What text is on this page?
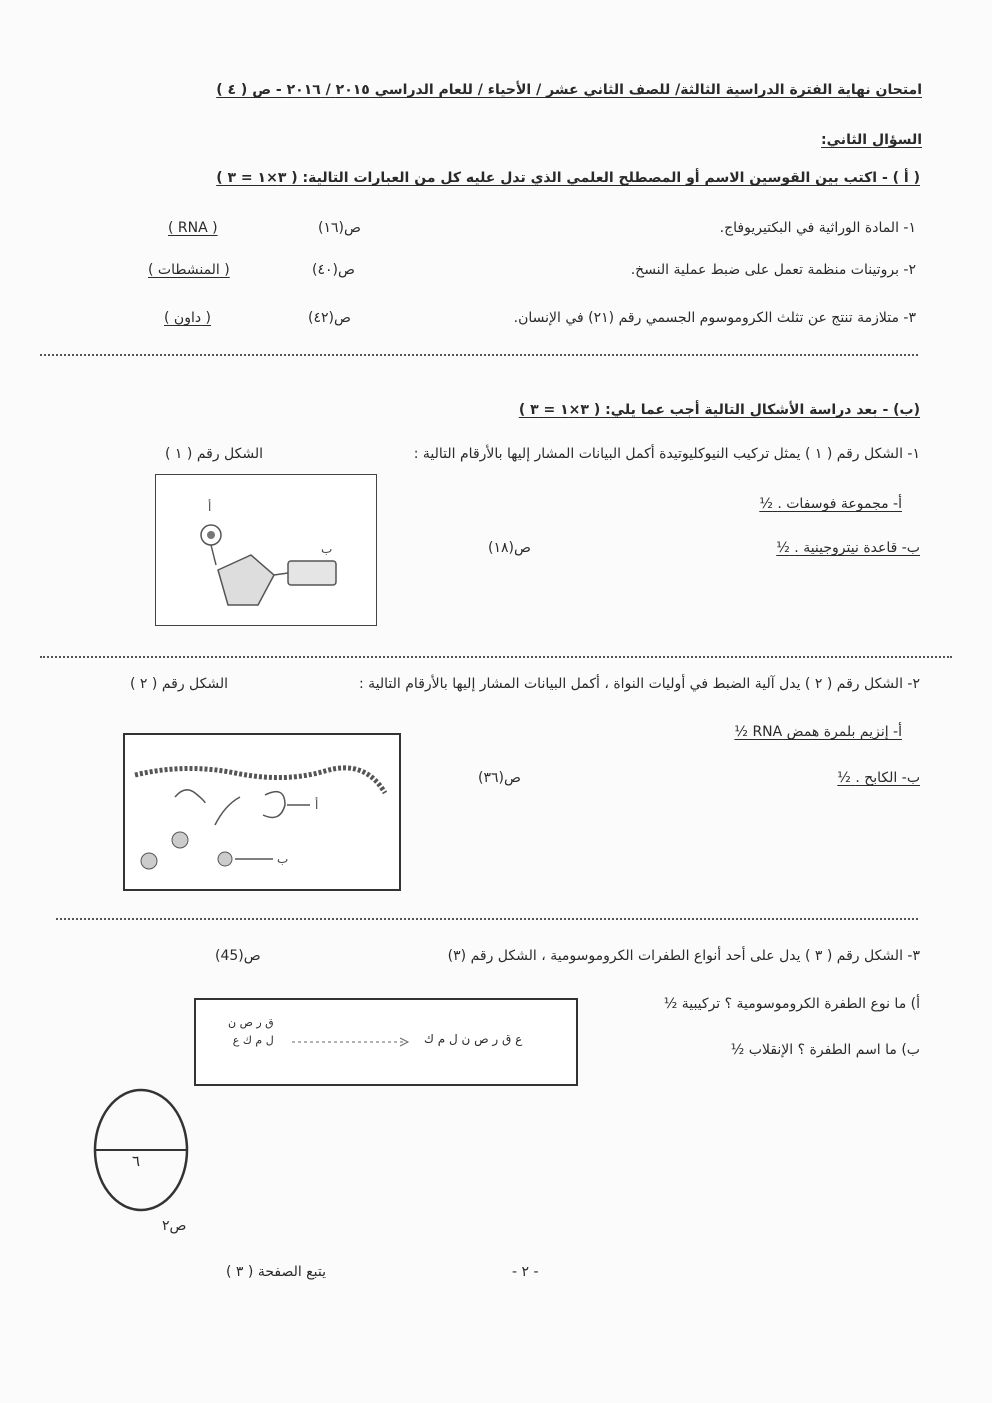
امتحان نهاية الفترة الدراسية الثالثة/ للصف الثاني عشر / الأحياء / للعام الدراسي ٢٠١٥ / ٢٠١٦ - ص ( ٤ )
السؤال الثاني:
( أ ) - اكتب بين القوسين الاسم أو المصطلح العلمي الذي تدل عليه كل من العبارات التالية: ( ٣×١ = ٣ )
١- المادة الوراثية في البكتيريوفاج.
ص(١٦)
( RNA )
٢- بروتينات منظمة تعمل على ضبط عملية النسخ.
ص(٤٠)
( المنشطات )
٣- متلازمة تنتج عن تثلث الكروموسوم الجسمي رقم (٢١) في الإنسان.
ص(٤٢)
( داون )
(ب) - بعد دراسة الأشكال التالية أجب عما يلي: ( ٣×١ = ٣ )
١- الشكل رقم ( ١ ) يمثل تركيب النيوكليوتيدة أكمل البيانات المشار إليها بالأرقام التالية :
الشكل رقم ( ١ )
أ
ب
أ- مجموعة فوسفات . ½
ب- قاعدة نيتروجينية . ½
ص(١٨)
٢- الشكل رقم ( ٢ ) يدل آلية الضبط في أوليات النواة ، أكمل البيانات المشار إليها بالأرقام التالية :
الشكل رقم ( ٢ )
أ
ب
أ- إنزيم بلمرة همض RNA ½
ب- الكابح . ½
ص(٣٦)
٣- الشكل رقم ( ٣ ) يدل على أحد أنواع الطفرات الكروموسومية ، الشكل رقم (٣)
ص(45)
ق ر ص ن
ل م ك ع	ع ق ر ص ن ل م ك
أ) ما نوع الطفرة الكروموسومية ؟ تركيبية ½
ب) ما اسم الطفرة ؟ الإنقلاب ½
٦
ص٢
- ٢ -
يتبع الصفحة ( ٣ )
